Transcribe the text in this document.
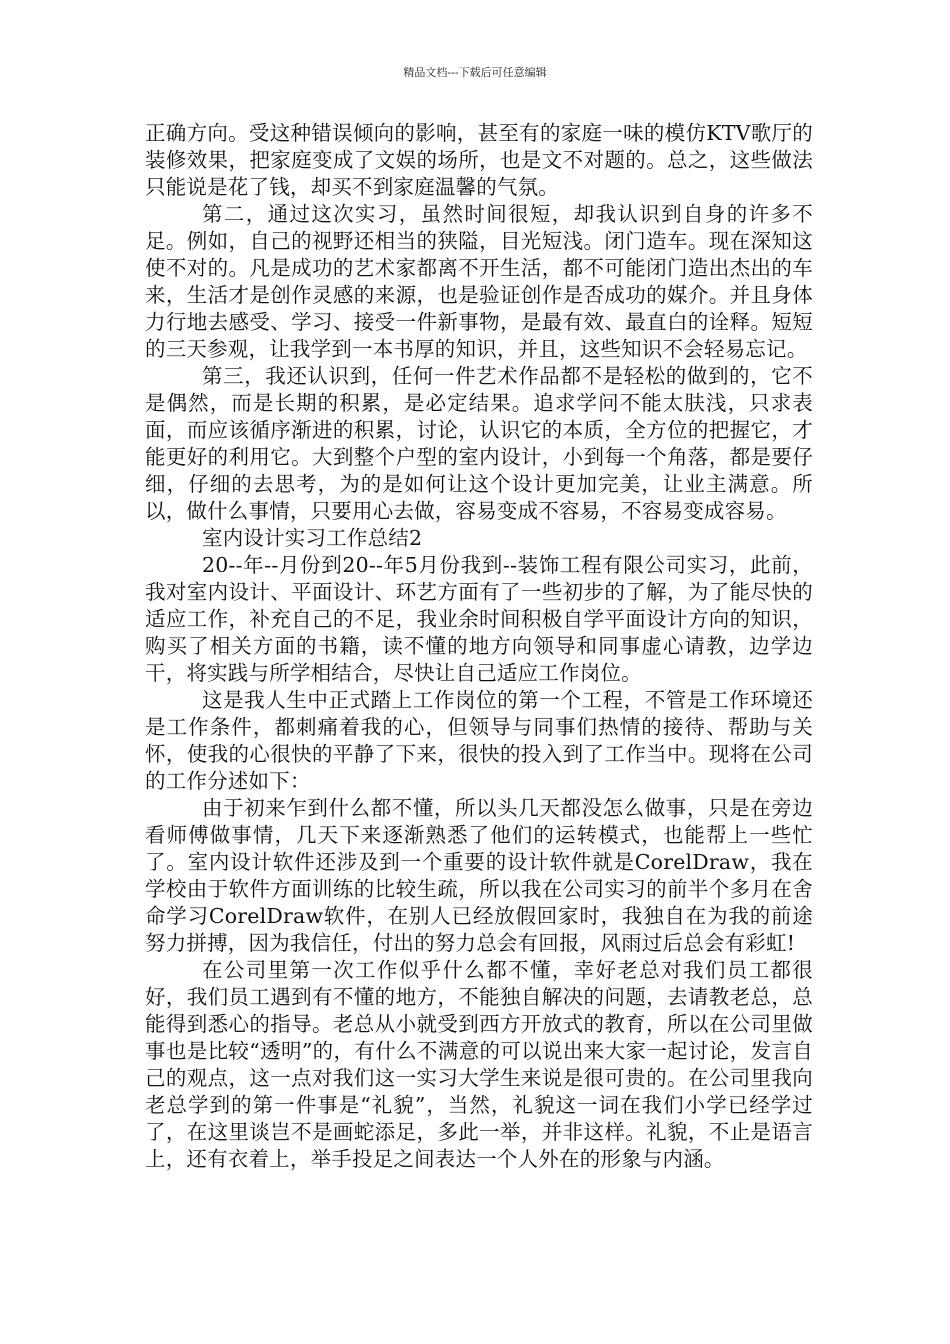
精品文档---下载后可任意编辑

正确方向。受这种错误倾向的影响，甚至有的家庭一味的模仿KTV歌厅的装修效果，把家庭变成了文娱的场所，也是文不对题的。总之，这些做法只能说是花了钱，却买不到家庭温馨的气氛。

第二，通过这次实习，虽然时间很短，却我认识到自身的许多不足。例如，自己的视野还相当的狭隘，目光短浅。闭门造车。现在深知这使不对的。凡是成功的艺术家都离不开生活，都不可能闭门造出杰出的车来，生活才是创作灵感的来源，也是验证创作是否成功的媒介。并且身体力行地去感受、学习、接受一件新事物，是最有效、最直白的诠释。短短的三天参观，让我学到一本书厚的知识，并且，这些知识不会轻易忘记。

第三，我还认识到，任何一件艺术作品都不是轻松的做到的，它不是偶然，而是长期的积累，是必定结果。追求学问不能太肤浅，只求表面，而应该循序渐进的积累，讨论，认识它的本质，全方位的把握它，才能更好的利用它。大到整个户型的室内设计，小到每一个角落，都是要仔细，仔细的去思考，为的是如何让这个设计更加完美，让业主满意。所以，做什么事情，只要用心去做，容易变成不容易，不容易变成容易。

室内设计实习工作总结2

20--年--月份到20--年5月份我到--装饰工程有限公司实习，此前，我对室内设计、平面设计、环艺方面有了一些初步的了解，为了能尽快的适应工作，补充自己的不足，我业余时间积极自学平面设计方向的知识，购买了相关方面的书籍，读不懂的地方向领导和同事虚心请教，边学边干，将实践与所学相结合，尽快让自己适应工作岗位。

这是我人生中正式踏上工作岗位的第一个工程，不管是工作环境还是工作条件，都刺痛着我的心，但领导与同事们热情的接待、帮助与关怀，使我的心很快的平静了下来，很快的投入到了工作当中。现将在公司的工作分述如下：

由于初来乍到什么都不懂，所以头几天都没怎么做事，只是在旁边看师傅做事情，几天下来逐渐熟悉了他们的运转模式，也能帮上一些忙了。室内设计软件还涉及到一个重要的设计软件就是CorelDraw，我在学校由于软件方面训练的比较生疏，所以我在公司实习的前半个多月在舍命学习CorelDraw软件，在别人已经放假回家时，我独自在为我的前途努力拼搏，因为我信任，付出的努力总会有回报，风雨过后总会有彩虹!

在公司里第一次工作似乎什么都不懂，幸好老总对我们员工都很好，我们员工遇到有不懂的地方，不能独自解决的问题，去请教老总，总能得到悉心的指导。老总从小就受到西方开放式的教育，所以在公司里做事也是比较“透明”的，有什么不满意的可以说出来大家一起讨论，发言自己的观点，这一点对我们这一实习大学生来说是很可贵的。在公司里我向老总学到的第一件事是“礼貌”，当然，礼貌这一词在我们小学已经学过了，在这里谈岂不是画蛇添足，多此一举，并非这样。礼貌，不止是语言上，还有衣着上，举手投足之间表达一个人外在的形象与内涵。
